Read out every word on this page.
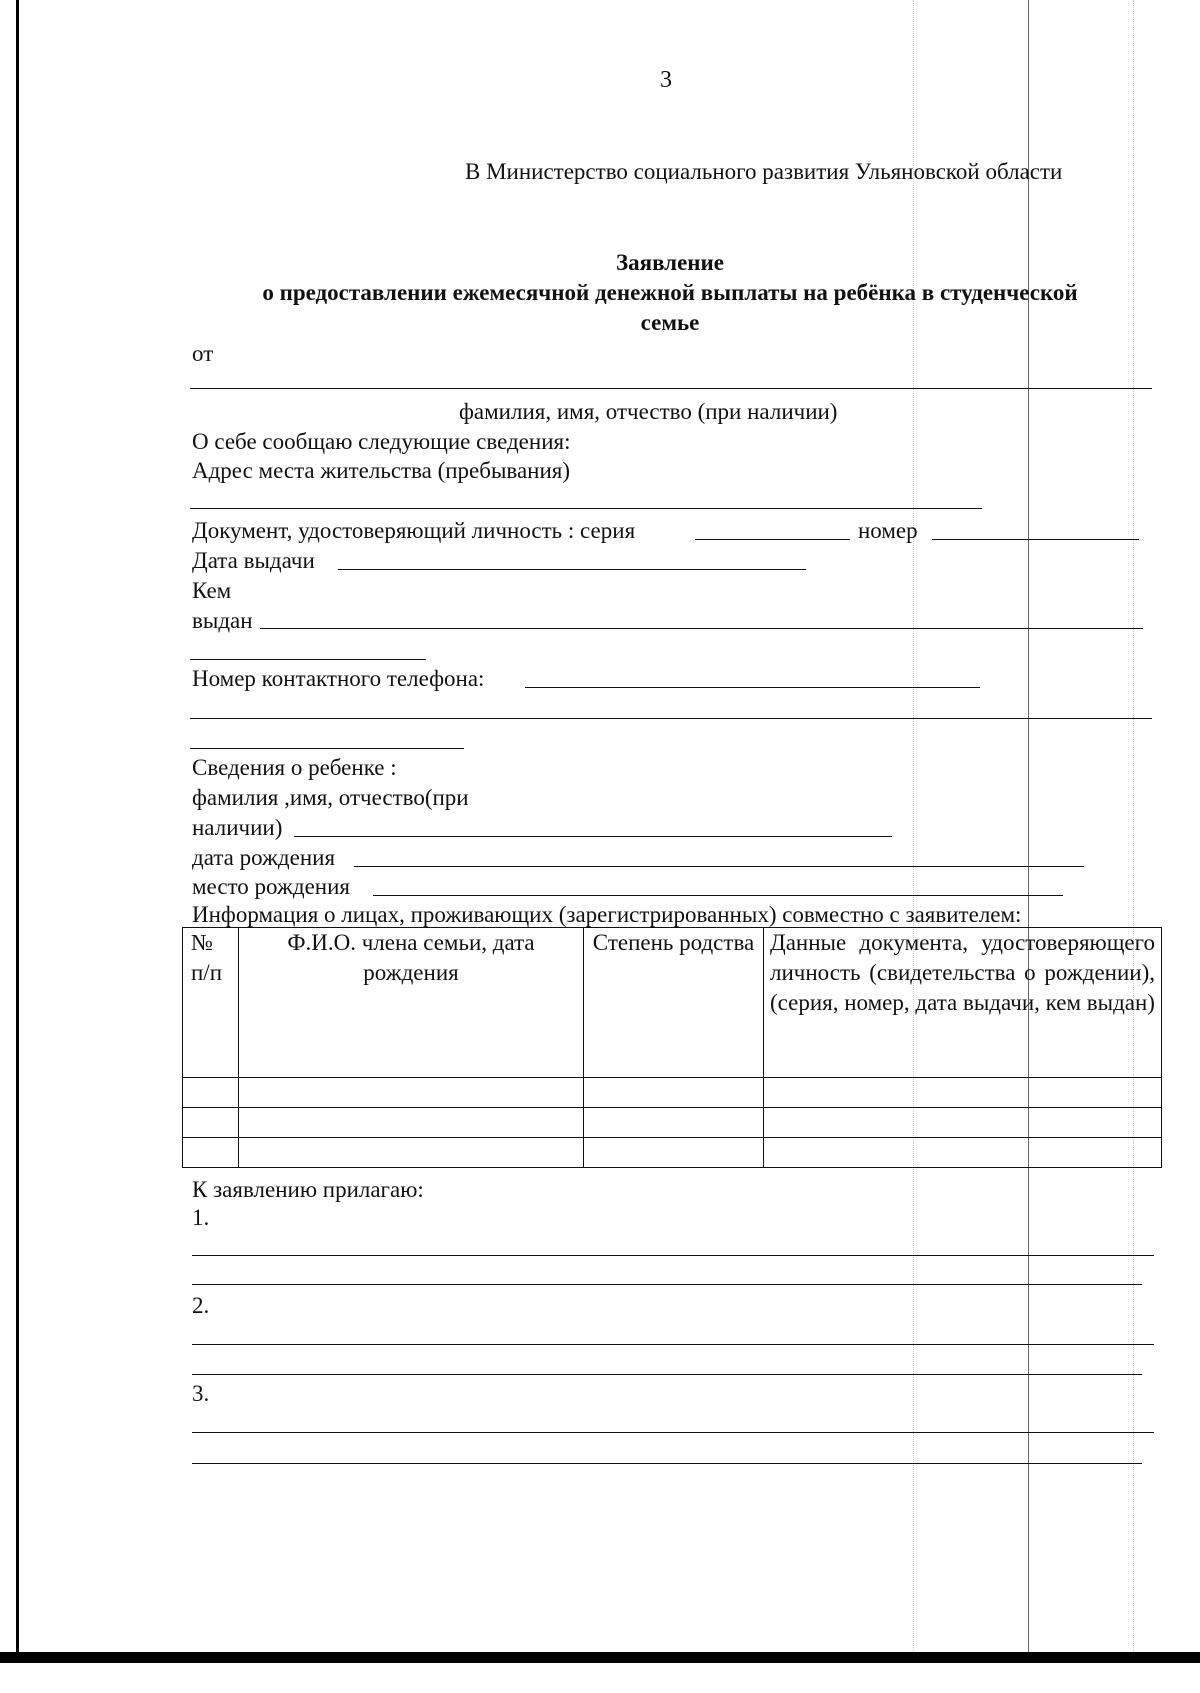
3
В Министерство социального развития Ульяновской области
Заявление
о предоставлении ежемесячной денежной выплаты на ребёнка в студенческой
семье
от
фамилия, имя, отчество (при наличии)
О себе сообщаю следующие сведения:
Адрес места жительства (пребывания)
Документ, удостоверяющий личность : серия	номер
Дата выдачи
Кем
выдан
Номер контактного телефона:
Сведения о ребенке :
фамилия ,имя, отчество(при
наличии)
дата рождения
место рождения
Информация о лицах, проживающих (зарегистрированных) совместно с заявителем:
№ п/п	Ф.И.О. члена семьи, дата рождения	Степень родства	Данные документа, удостоверяющего личность (свидетельства о рождении), (серия, номер, дата выдачи, кем выдан)

К заявлению прилагаю:
1.
2.
3.
